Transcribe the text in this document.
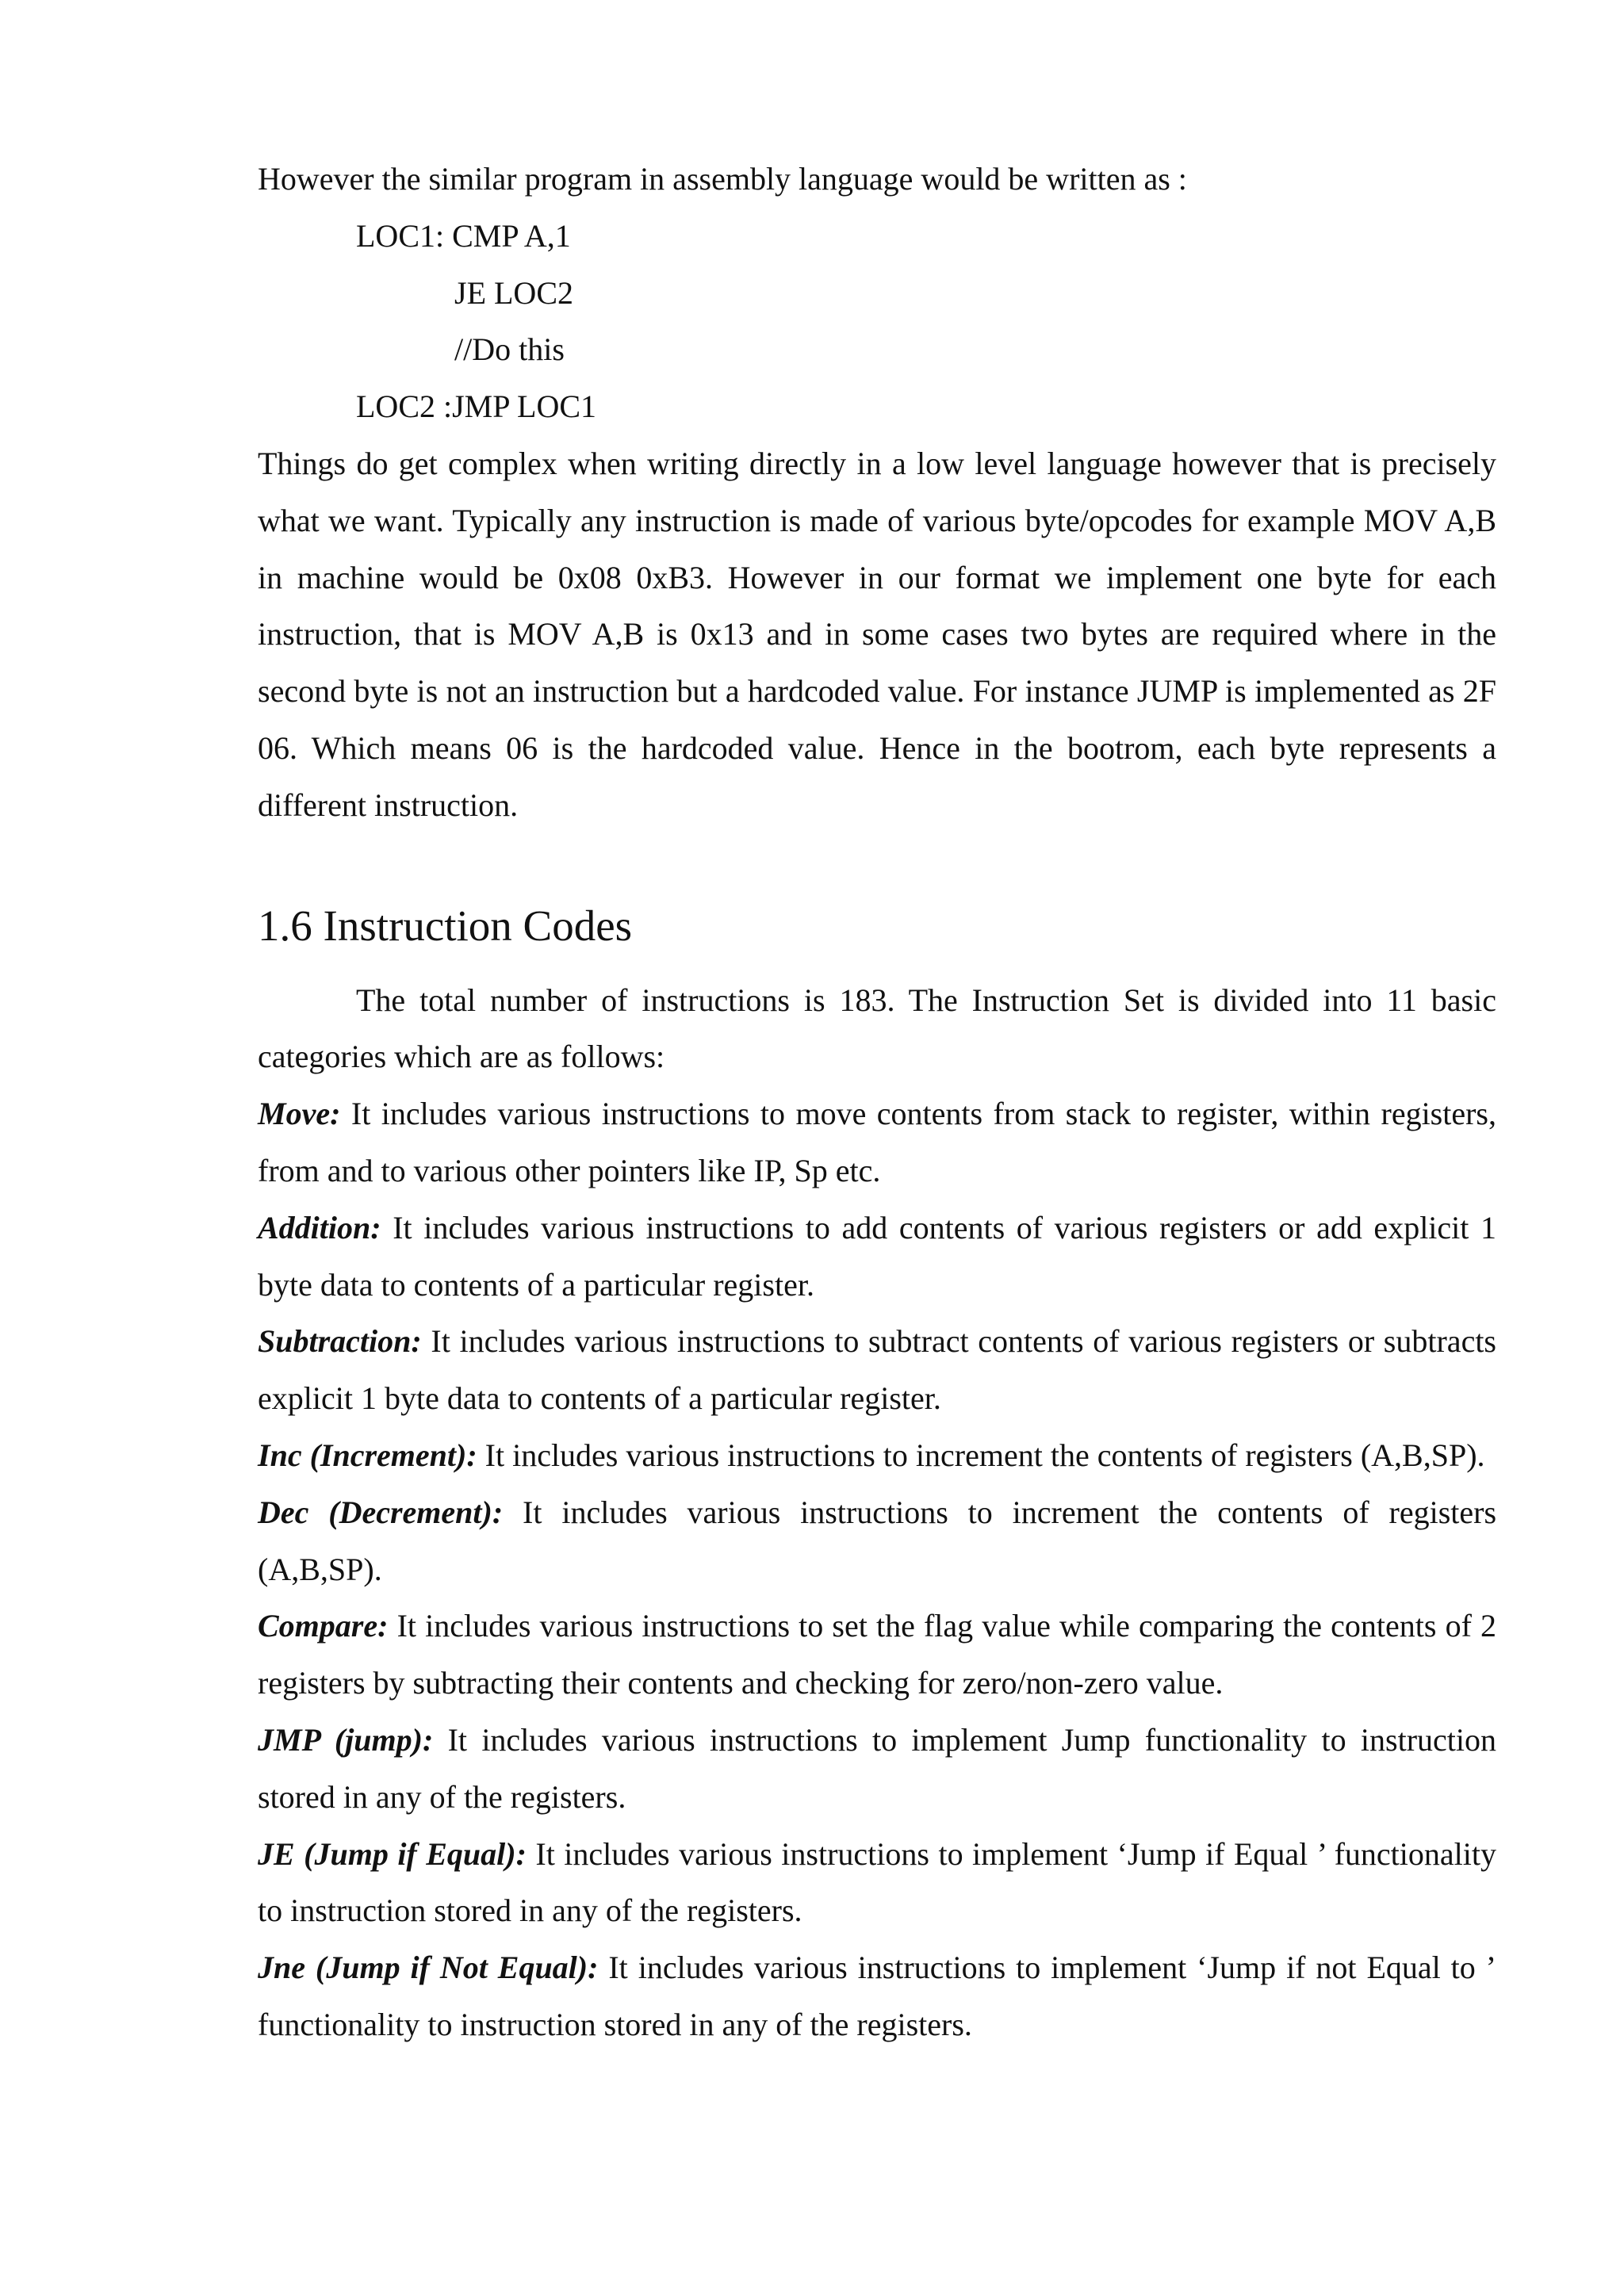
However the similar program in assembly language would be written as :

LOC1: CMP A,1
JE LOC2
//Do this
LOC2 :JMP LOC1

Things do get complex when writing directly in a low level language however that is precisely what we want. Typically any instruction is made of various byte/opcodes for example MOV A,B in machine would be 0x08 0xB3. However in our format we implement one byte for each instruction, that is MOV A,B is 0x13 and in some cases two bytes are required where in the second byte is not an instruction but a hardcoded value. For instance JUMP is implemented as 2F 06. Which means 06 is the hardcoded value. Hence in the bootrom, each byte represents a different instruction.

1.6 Instruction Codes

The total number of instructions is 183. The Instruction Set is divided into 11 basic categories which are as follows:

Move: It includes various instructions to move contents from stack to register, within registers, from and to various other pointers like IP, Sp etc.

Addition: It includes various instructions to add contents of various registers or add explicit 1 byte data to contents of a particular register.

Subtraction: It includes various instructions to subtract contents of various registers or subtracts explicit 1 byte data to contents of a particular register.

Inc (Increment): It includes various instructions to increment the contents of registers (A,B,SP).

Dec (Decrement): It includes various instructions to increment the contents of registers (A,B,SP).

Compare: It includes various instructions to set the flag value while comparing the contents of 2 registers by subtracting their contents and checking for zero/non-zero value.

JMP (jump): It includes various instructions to implement Jump functionality to instruction stored in any of the registers.

JE (Jump if Equal): It includes various instructions to implement ‘Jump if Equal ’ functionality to instruction stored in any of the registers.

Jne (Jump if Not Equal): It includes various instructions to implement ‘Jump if not Equal to ’ functionality to instruction stored in any of the registers.
